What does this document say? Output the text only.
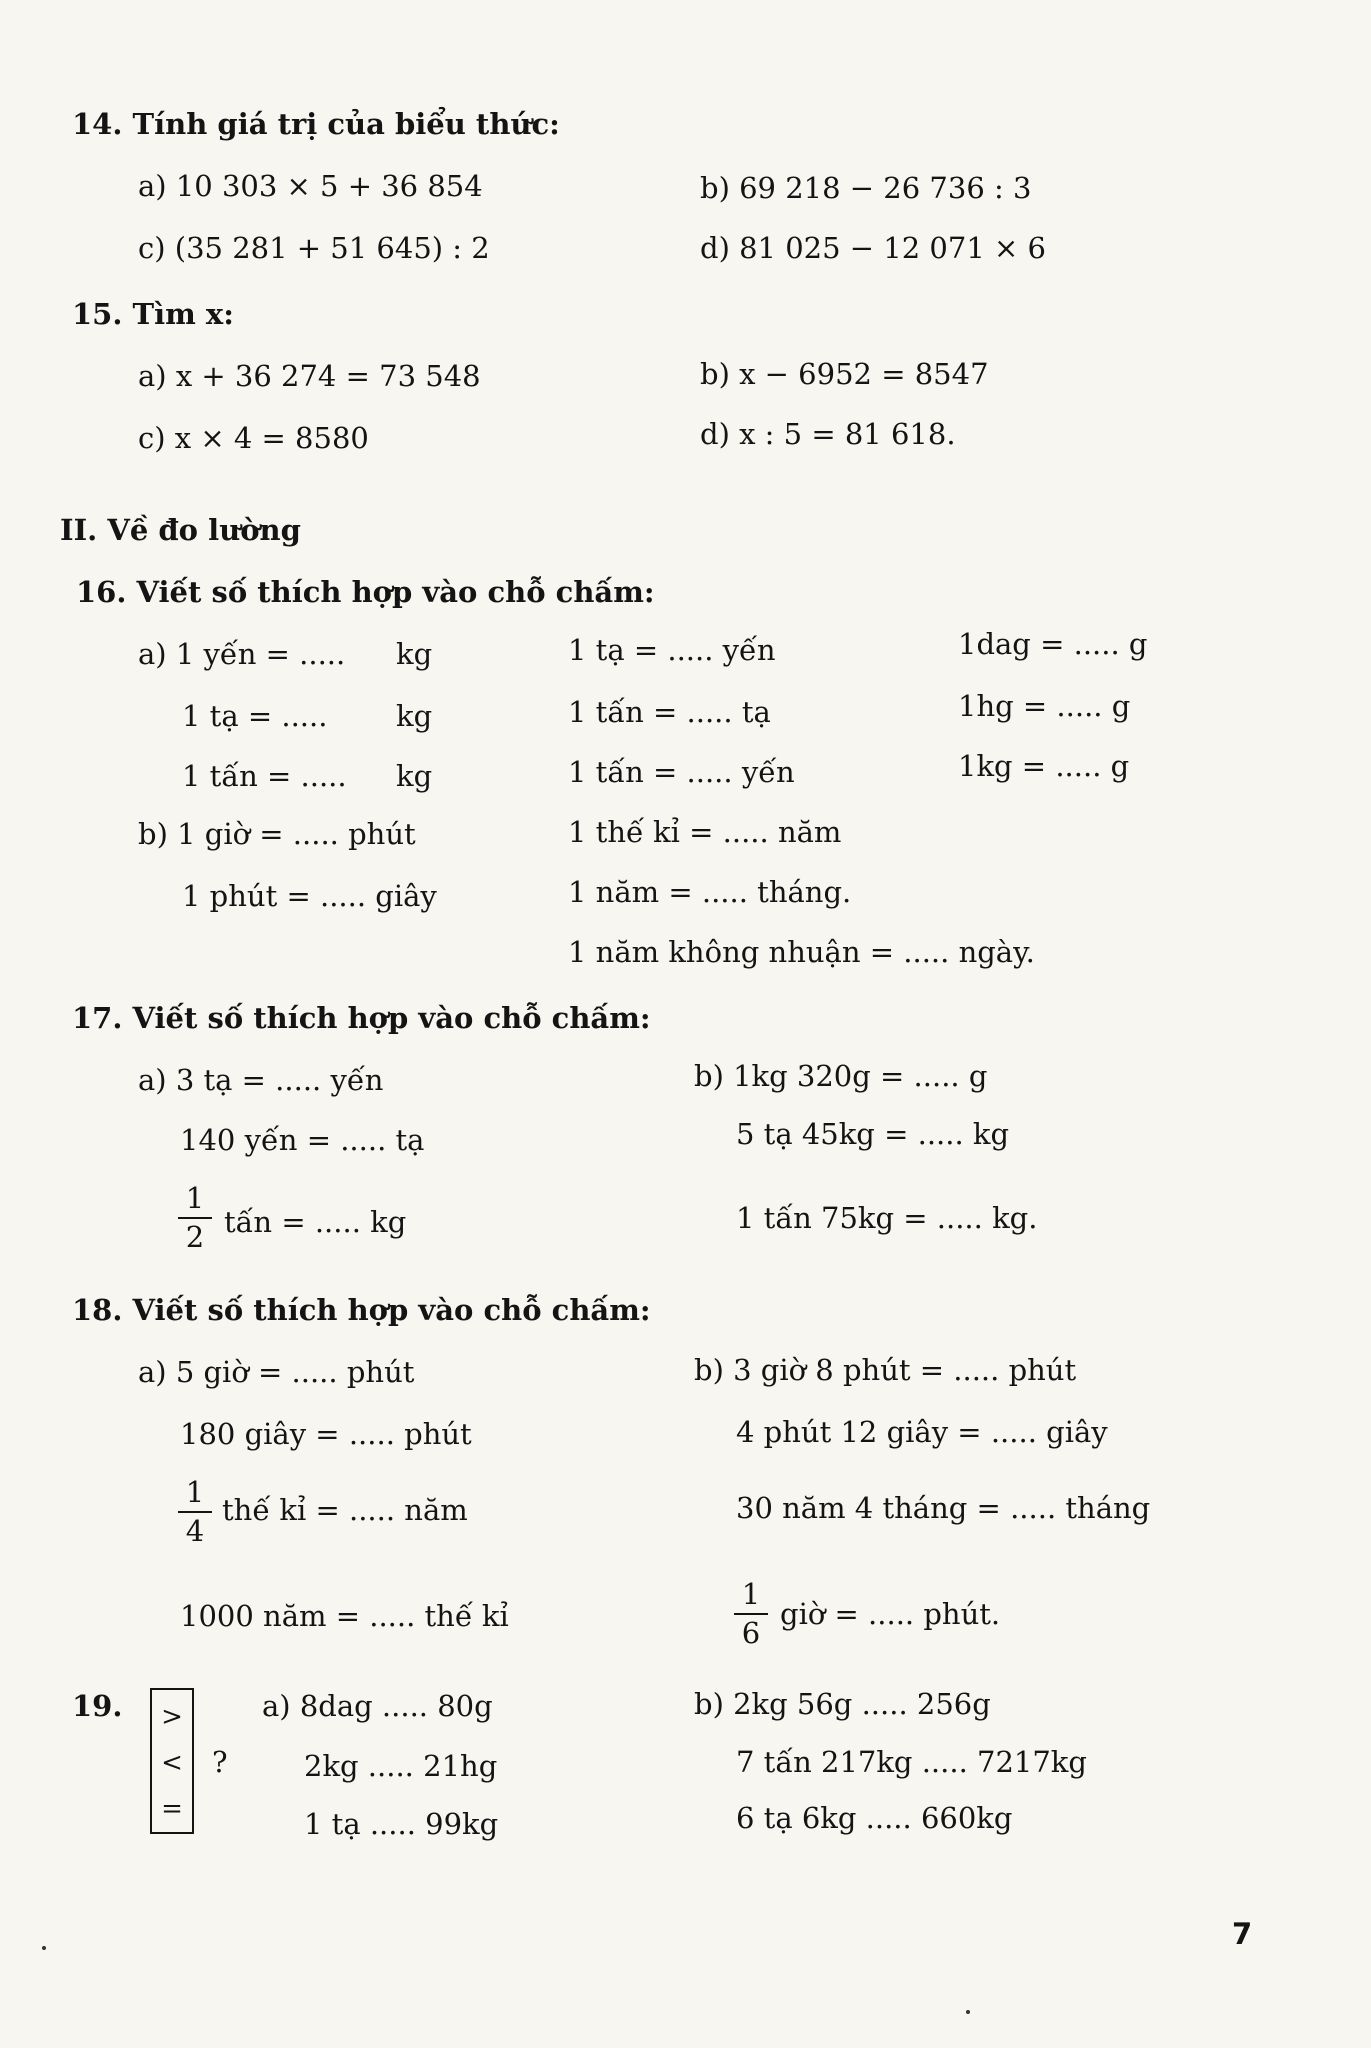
14. Tính giá trị của biểu thức:
a) 10 303 × 5 + 36 854	b) 69 218 − 26 736 : 3
c) (35 281 + 51 645) : 2	d) 81 025 − 12 071 × 6
15. Tìm x:
a) x + 36 274 = 73 548	b) x − 6952 = 8547
c) x × 4 = 8580	d) x : 5 = 81 618.
II. Về đo lường
16. Viết số thích hợp vào chỗ chấm:
a) 1 yến = ..... kg	1 tạ = ..... yến	1dag = ..... g
1 tạ = ..... kg	1 tấn = ..... tạ	1hg = ..... g
1 tấn = ..... kg	1 tấn = ..... yến	1kg = ..... g
b) 1 giờ = ..... phút	1 thế kỉ = ..... năm
1 phút = ..... giây	1 năm = ..... tháng.
1 năm không nhuận = ..... ngày.
17. Viết số thích hợp vào chỗ chấm:
a) 3 tạ = ..... yến	b) 1kg 320g = ..... g
140 yến = ..... tạ	5 tạ 45kg = ..... kg
1
2 tấn = ..... kg	1 tấn 75kg = ..... kg.
18. Viết số thích hợp vào chỗ chấm:
a) 5 giờ = ..... phút	b) 3 giờ 8 phút = ..... phút
180 giây = ..... phút	4 phút 12 giây = ..... giây
1
4
thế kỉ = ..... năm	30 năm 4 tháng = ..... tháng
1000 năm = ..... thế kỉ
1
6
giờ = ..... phút.
19.	>
<
=
?
a) 8dag ..... 80g	b) 2kg 56g ..... 256g
2kg ..... 21hg	7 tấn 217kg ..... 7217kg
1 tạ ..... 99kg	6 tạ 6kg ..... 660kg
7
